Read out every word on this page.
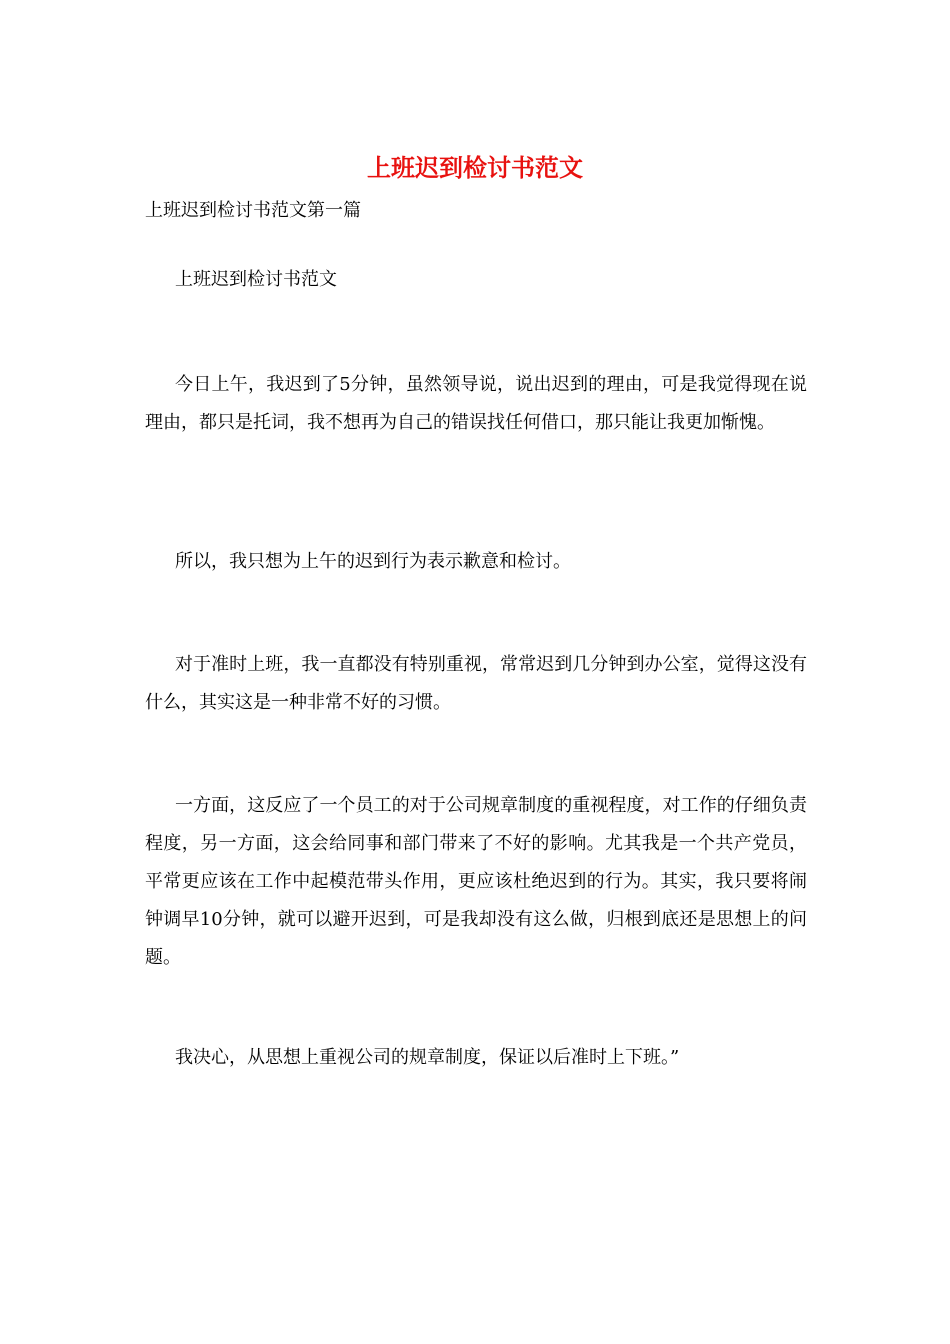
上班迟到检讨书范文
上班迟到检讨书范文第一篇

上班迟到检讨书范文

今日上午，我迟到了5分钟，虽然领导说，说出迟到的理由，可是我觉得现在说理由，都只是托词，我不想再为自己的错误找任何借口，那只能让我更加惭愧。

所以，我只想为上午的迟到行为表示歉意和检讨。

对于准时上班，我一直都没有特别重视，常常迟到几分钟到办公室，觉得这没有什么，其实这是一种非常不好的习惯。

一方面，这反应了一个员工的对于公司规章制度的重视程度，对工作的仔细负责程度，另一方面，这会给同事和部门带来了不好的影响。尤其我是一个共产党员，平常更应该在工作中起模范带头作用，更应该杜绝迟到的行为。其实，我只要将闹钟调早10分钟，就可以避开迟到，可是我却没有这么做，归根到底还是思想上的问题。

我决心，从思想上重视公司的规章制度，保证以后准时上下班。”
